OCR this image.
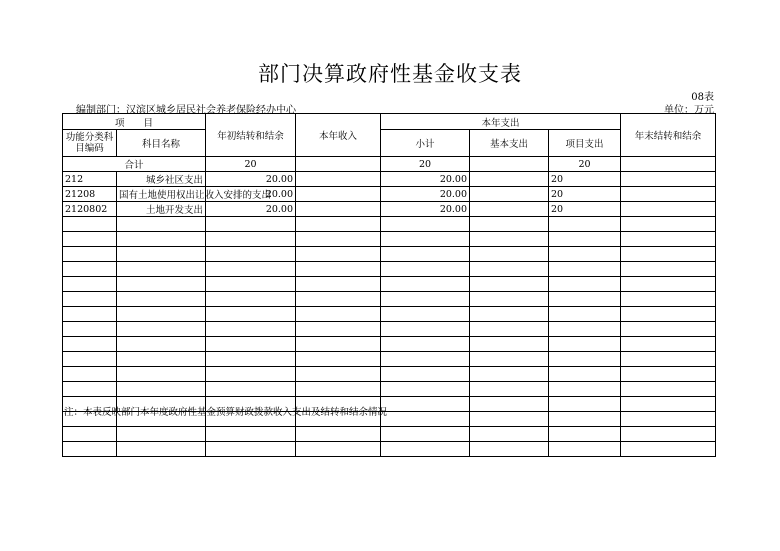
部门决算政府性基金收支表
08表
编制部门：汉滨区城乡居民社会养老保险经办中心	单位：万元
项　　目		年初结转和结余	本年收入	本年支出			年末结转和结余
功能分类科目编码	科目名称			小计	基本支出	项目支出	
合计		20		20		20	
212	城乡社区支出	20.00		20.00		20	
21208	国有土地使用权出让收入安排的支出	20.00		20.00		20	
2120802	土地开发支出	20.00		20.00		20	

注：本表反映部门本年度政府性基金预算财政拨款收入支出及结转和结余情况
